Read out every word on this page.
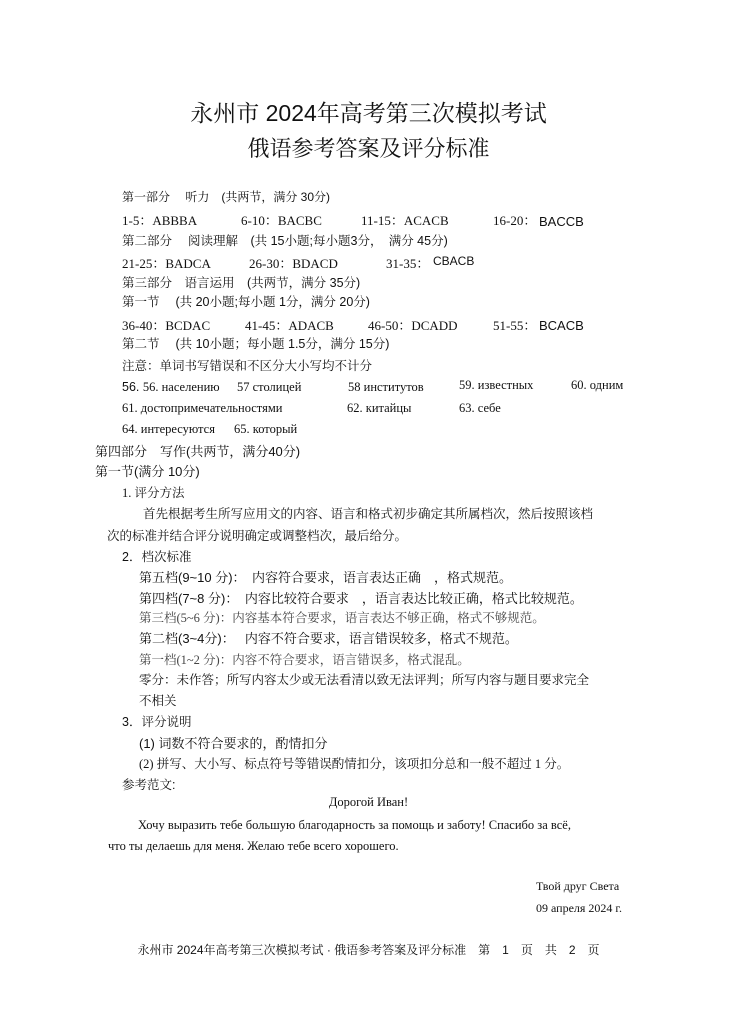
永州市 2024年高考第三次模拟考试
俄语参考答案及评分标准
第一部分　 听力　(共两节，满分 30分)
1-5：ABBBA	6-10：BACBC	11-15：ACACB	16-20： BACCB
第二部分　 阅读理解　(共 15小题;每小题3分，　满分 45分)
21-25：BADCA	26-30：BDACD	31-35： CBACB
第三部分　语言运用　(共两节，满分 35分)
第一节　 (共 20小题;每小题 1分，满分 20分)
36-40：BCDAC	41-45：ADACB	46-50：DCADD	51-55： BCACB
第二节　 (共 10小题；每小题 1.5分，满分 15分)
注意：单词书写错误和不区分大小写均不计分
56. 56. населению 57 столицей	58 институтов	59. известных	60. одним
61. достопримечательностями	62. китайцы	63. себе
64. интересуются 65. который
第四部分　写作(共两节，满分40分)
第一节(满分 10分)
1. 评分方法
首先根据考生所写应用文的内容、语言和格式初步确定其所属档次，然后按照该档
次的标准并结合评分说明确定或调整档次，最后给分。
2．档次标准
第五档(9~10 分)：　内容符合要求，语言表达正确　，格式规范。
第四档(7~8 分)：　内容比较符合要求　，语言表达比较正确，格式比较规范。
第三档(5~6 分)：内容基本符合要求，语言表达不够正确，格式不够规范。
第二档(3~4分)：　 内容不符合要求，语言错误较多，格式不规范。
第一档(1~2 分)：内容不符合要求，语言错误多，格式混乱。
零分：未作答；所写内容太少或无法看清以致无法评判；所写内容与题目要求完全
不相关
3．评分说明
(1) 词数不符合要求的，酌情扣分
(2) 拼写、大小写、标点符号等错误酌情扣分，该项扣分总和一般不超过 1 分。
参考范文:
Дорогой Иван!
Хочу выразить тебе большую благодарность за помощь и заботу! Спасибо за всё,
что ты делаешь для меня. Желаю тебе всего хорошего.
Твой друг Света
09 апреля 2024 г.
永州市 2024年高考第三次模拟考试 · 俄语参考答案及评分标准　第　1　页　共　2　页
